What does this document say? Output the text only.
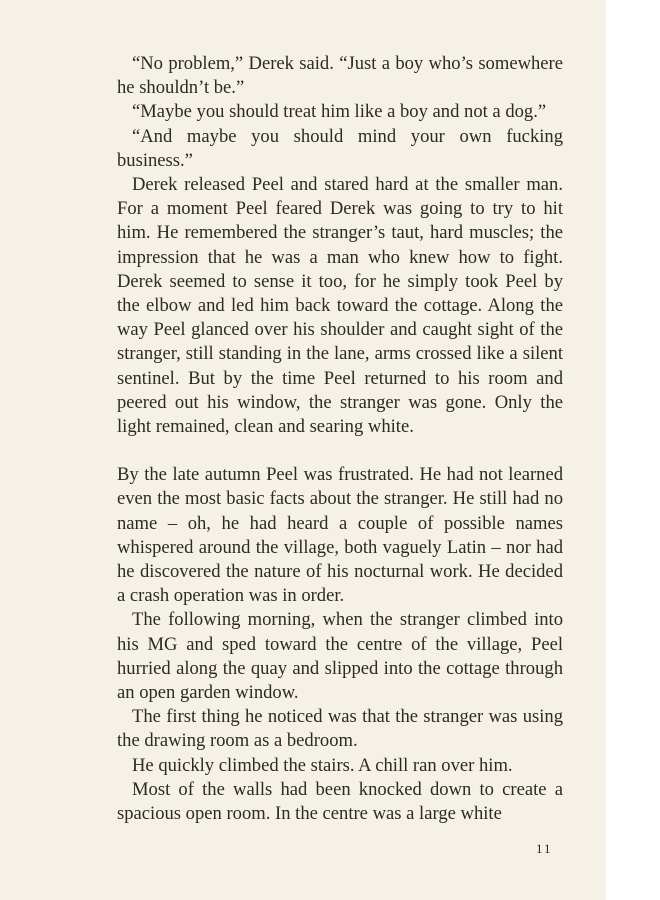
“No problem,” Derek said. “Just a boy who’s somewhere he shouldn’t be.”

“Maybe you should treat him like a boy and not a dog.”

“And maybe you should mind your own fucking business.”

Derek released Peel and stared hard at the smaller man. For a moment Peel feared Derek was going to try to hit him. He remembered the stranger’s taut, hard muscles; the impression that he was a man who knew how to fight. Derek seemed to sense it too, for he simply took Peel by the elbow and led him back toward the cottage. Along the way Peel glanced over his shoulder and caught sight of the stranger, still standing in the lane, arms crossed like a silent sentinel. But by the time Peel returned to his room and peered out his window, the stranger was gone. Only the light remained, clean and searing white.

By the late autumn Peel was frustrated. He had not learned even the most basic facts about the stranger. He still had no name – oh, he had heard a couple of possible names whispered around the village, both vaguely Latin – nor had he discovered the nature of his nocturnal work. He decided a crash operation was in order.

The following morning, when the stranger climbed into his MG and sped toward the centre of the village, Peel hurried along the quay and slipped into the cottage through an open garden window.

The first thing he noticed was that the stranger was using the drawing room as a bedroom.

He quickly climbed the stairs. A chill ran over him.

Most of the walls had been knocked down to create a spacious open room. In the centre was a large white

11
